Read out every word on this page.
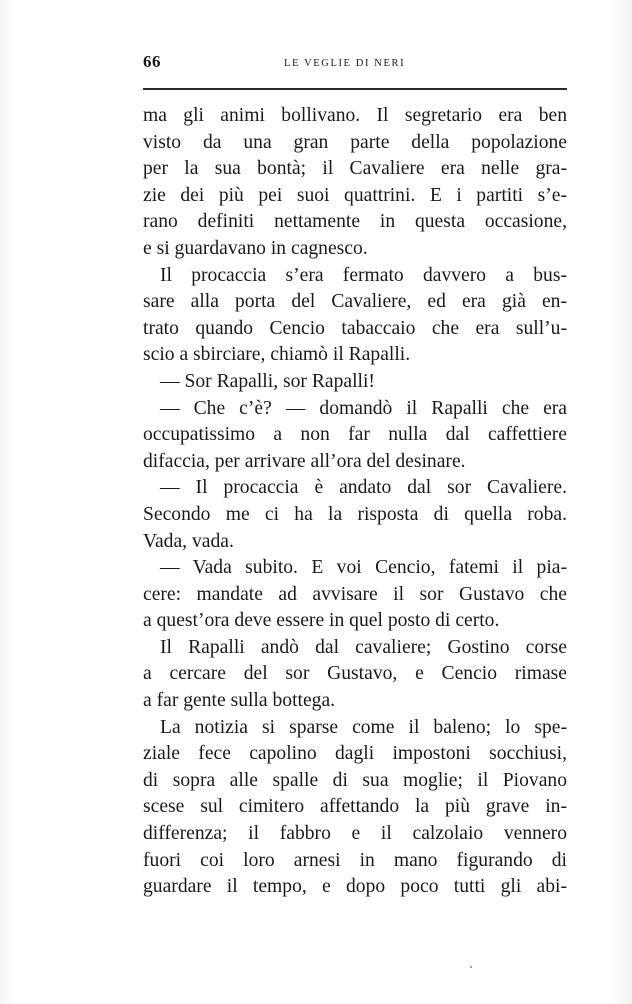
66	LE VEGLIE DI NERI
ma gli animi bollivano. Il segretario era ben
visto da una gran parte della popolazione
per la sua bontà; il Cavaliere era nelle gra-
zie dei più pei suoi quattrini. E i partiti s’e-
rano definiti nettamente in questa occasione,
e si guardavano in cagnesco.
Il procaccia s’era fermato davvero a bus-
sare alla porta del Cavaliere, ed era già en-
trato quando Cencio tabaccaio che era sull’u-
scio a sbirciare, chiamò il Rapalli.
— Sor Rapalli, sor Rapalli!
— Che c’è? — domandò il Rapalli che era
occupatissimo a non far nulla dal caffettiere
difaccia, per arrivare all’ora del desinare.
— Il procaccia è andato dal sor Cavaliere.
Secondo me ci ha la risposta di quella roba.
Vada, vada.
— Vada subito. E voi Cencio, fatemi il pia-
cere: mandate ad avvisare il sor Gustavo che
a quest’ora deve essere in quel posto di certo.
Il Rapalli andò dal cavaliere; Gostino corse
a cercare del sor Gustavo, e Cencio rimase
a far gente sulla bottega.
La notizia si sparse come il baleno; lo spe-
ziale fece capolino dagli impostoni socchiusi,
di sopra alle spalle di sua moglie; il Piovano
scese sul cimitero affettando la più grave in-
differenza; il fabbro e il calzolaio vennero
fuori coi loro arnesi in mano figurando di
guardare il tempo, e dopo poco tutti gli abi-
